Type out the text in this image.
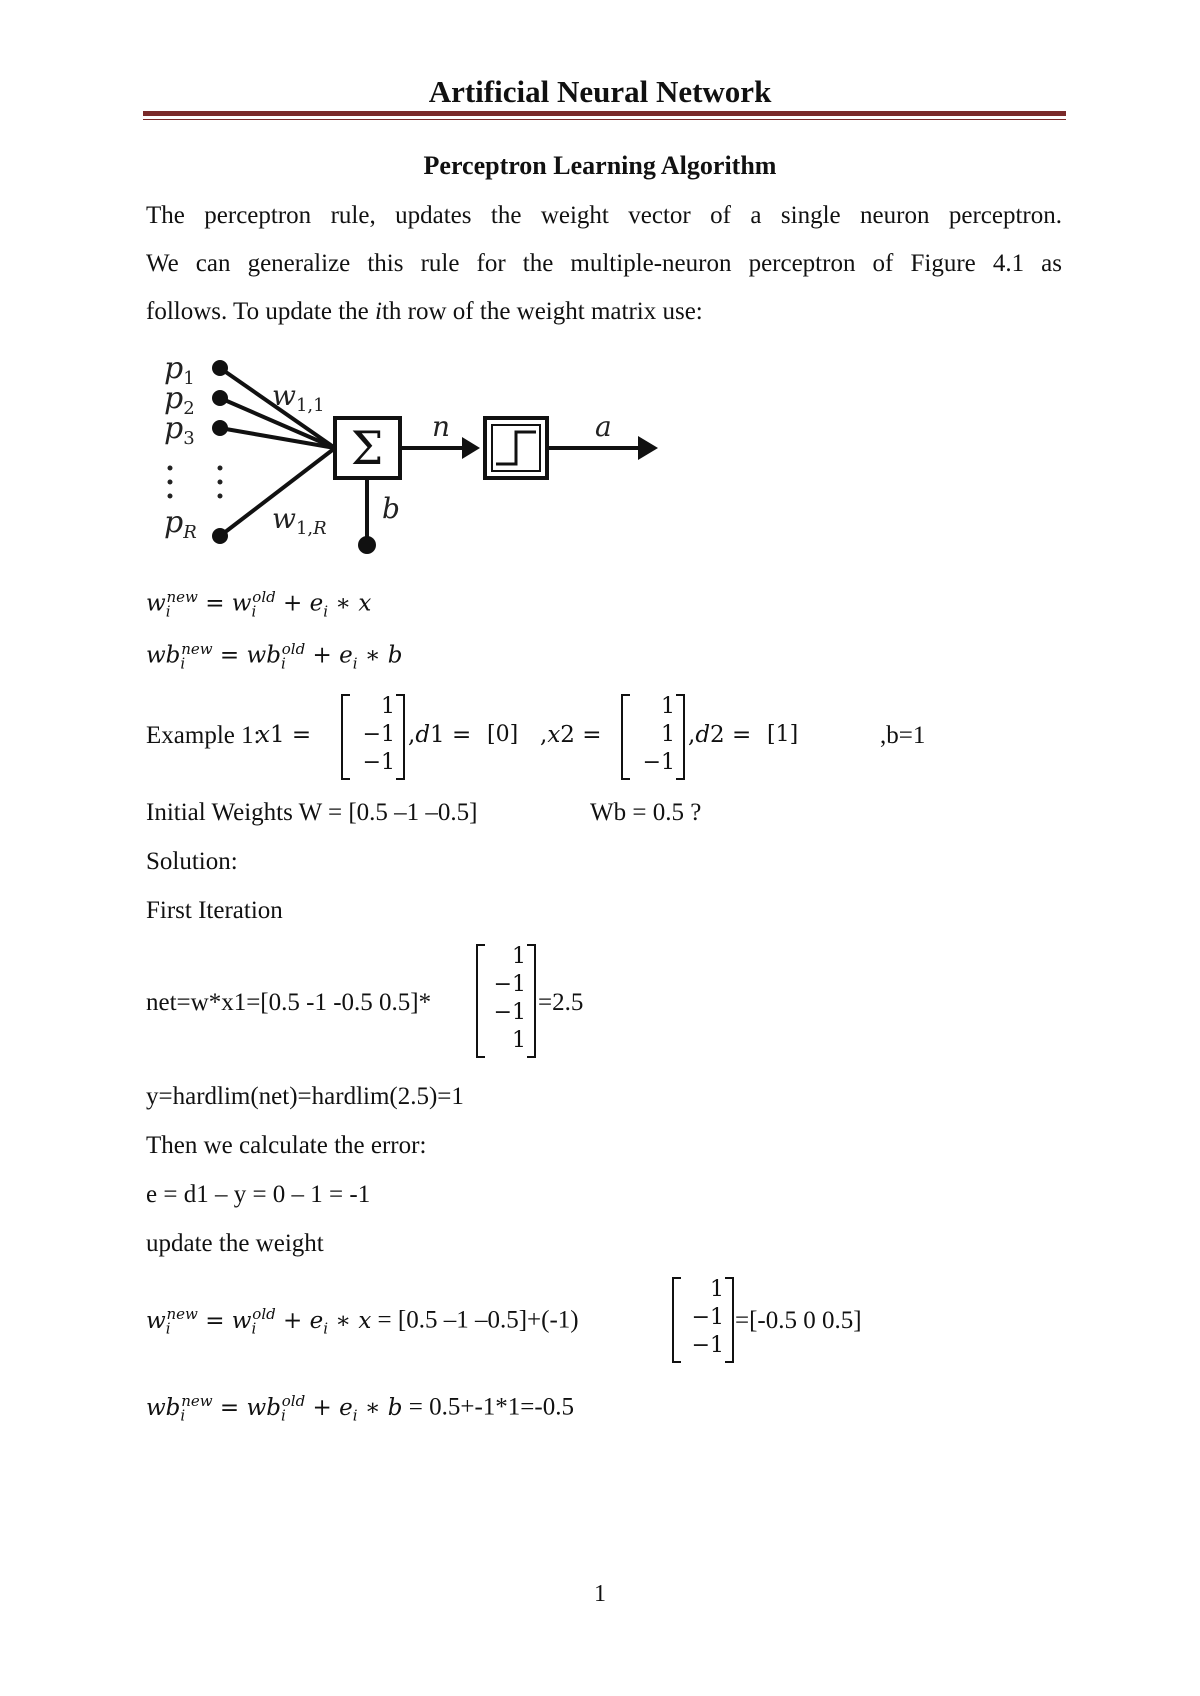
Artificial Neural Network
Perceptron Learning Algorithm
The perceptron rule, updates the weight vector of a single neuron perceptron.
We can generalize this rule for the multiple-neuron perceptron of Figure 4.1 as
follows. To update the ith row of the weight matrix use:
$p_1$
$p_2$
$p_3$
$p_R$
$w_{1,1}$
$w_{1,}R$
Σ n	a
b
$w_i^{new} = w_i^{old} + e_i$ ∗ x
$wb_i^{new} = wb_i^{old} + e_i$ ∗ b
Example 1:
x1 =
1
−1
−1
,d1 = [0] ,x2 =
1
1
−1
,d2 = [1]	,b=1
Initial Weights W = [0.5 –1 –0.5]	Wb = 0.5 ?
Solution:
First Iteration
net=w*x1=[0.5 -1 -0.5 0.5]*
1
−1
−1
1
=2.5
y=hardlim(net)=hardlim(2.5)=1
Then we calculate the error:
e = d1 – y = 0 – 1 = -1
update the weight
$w_i^{new} = w_i^{old} + e_i$ ∗ x = [0.5 –1 –0.5]+(-1)
1
−1
−1
=[-0.5 0 0.5]
$wb_i^{new} = wb_i^{old} + e_i$ ∗ b = 0.5+-1*1=-0.5
1
